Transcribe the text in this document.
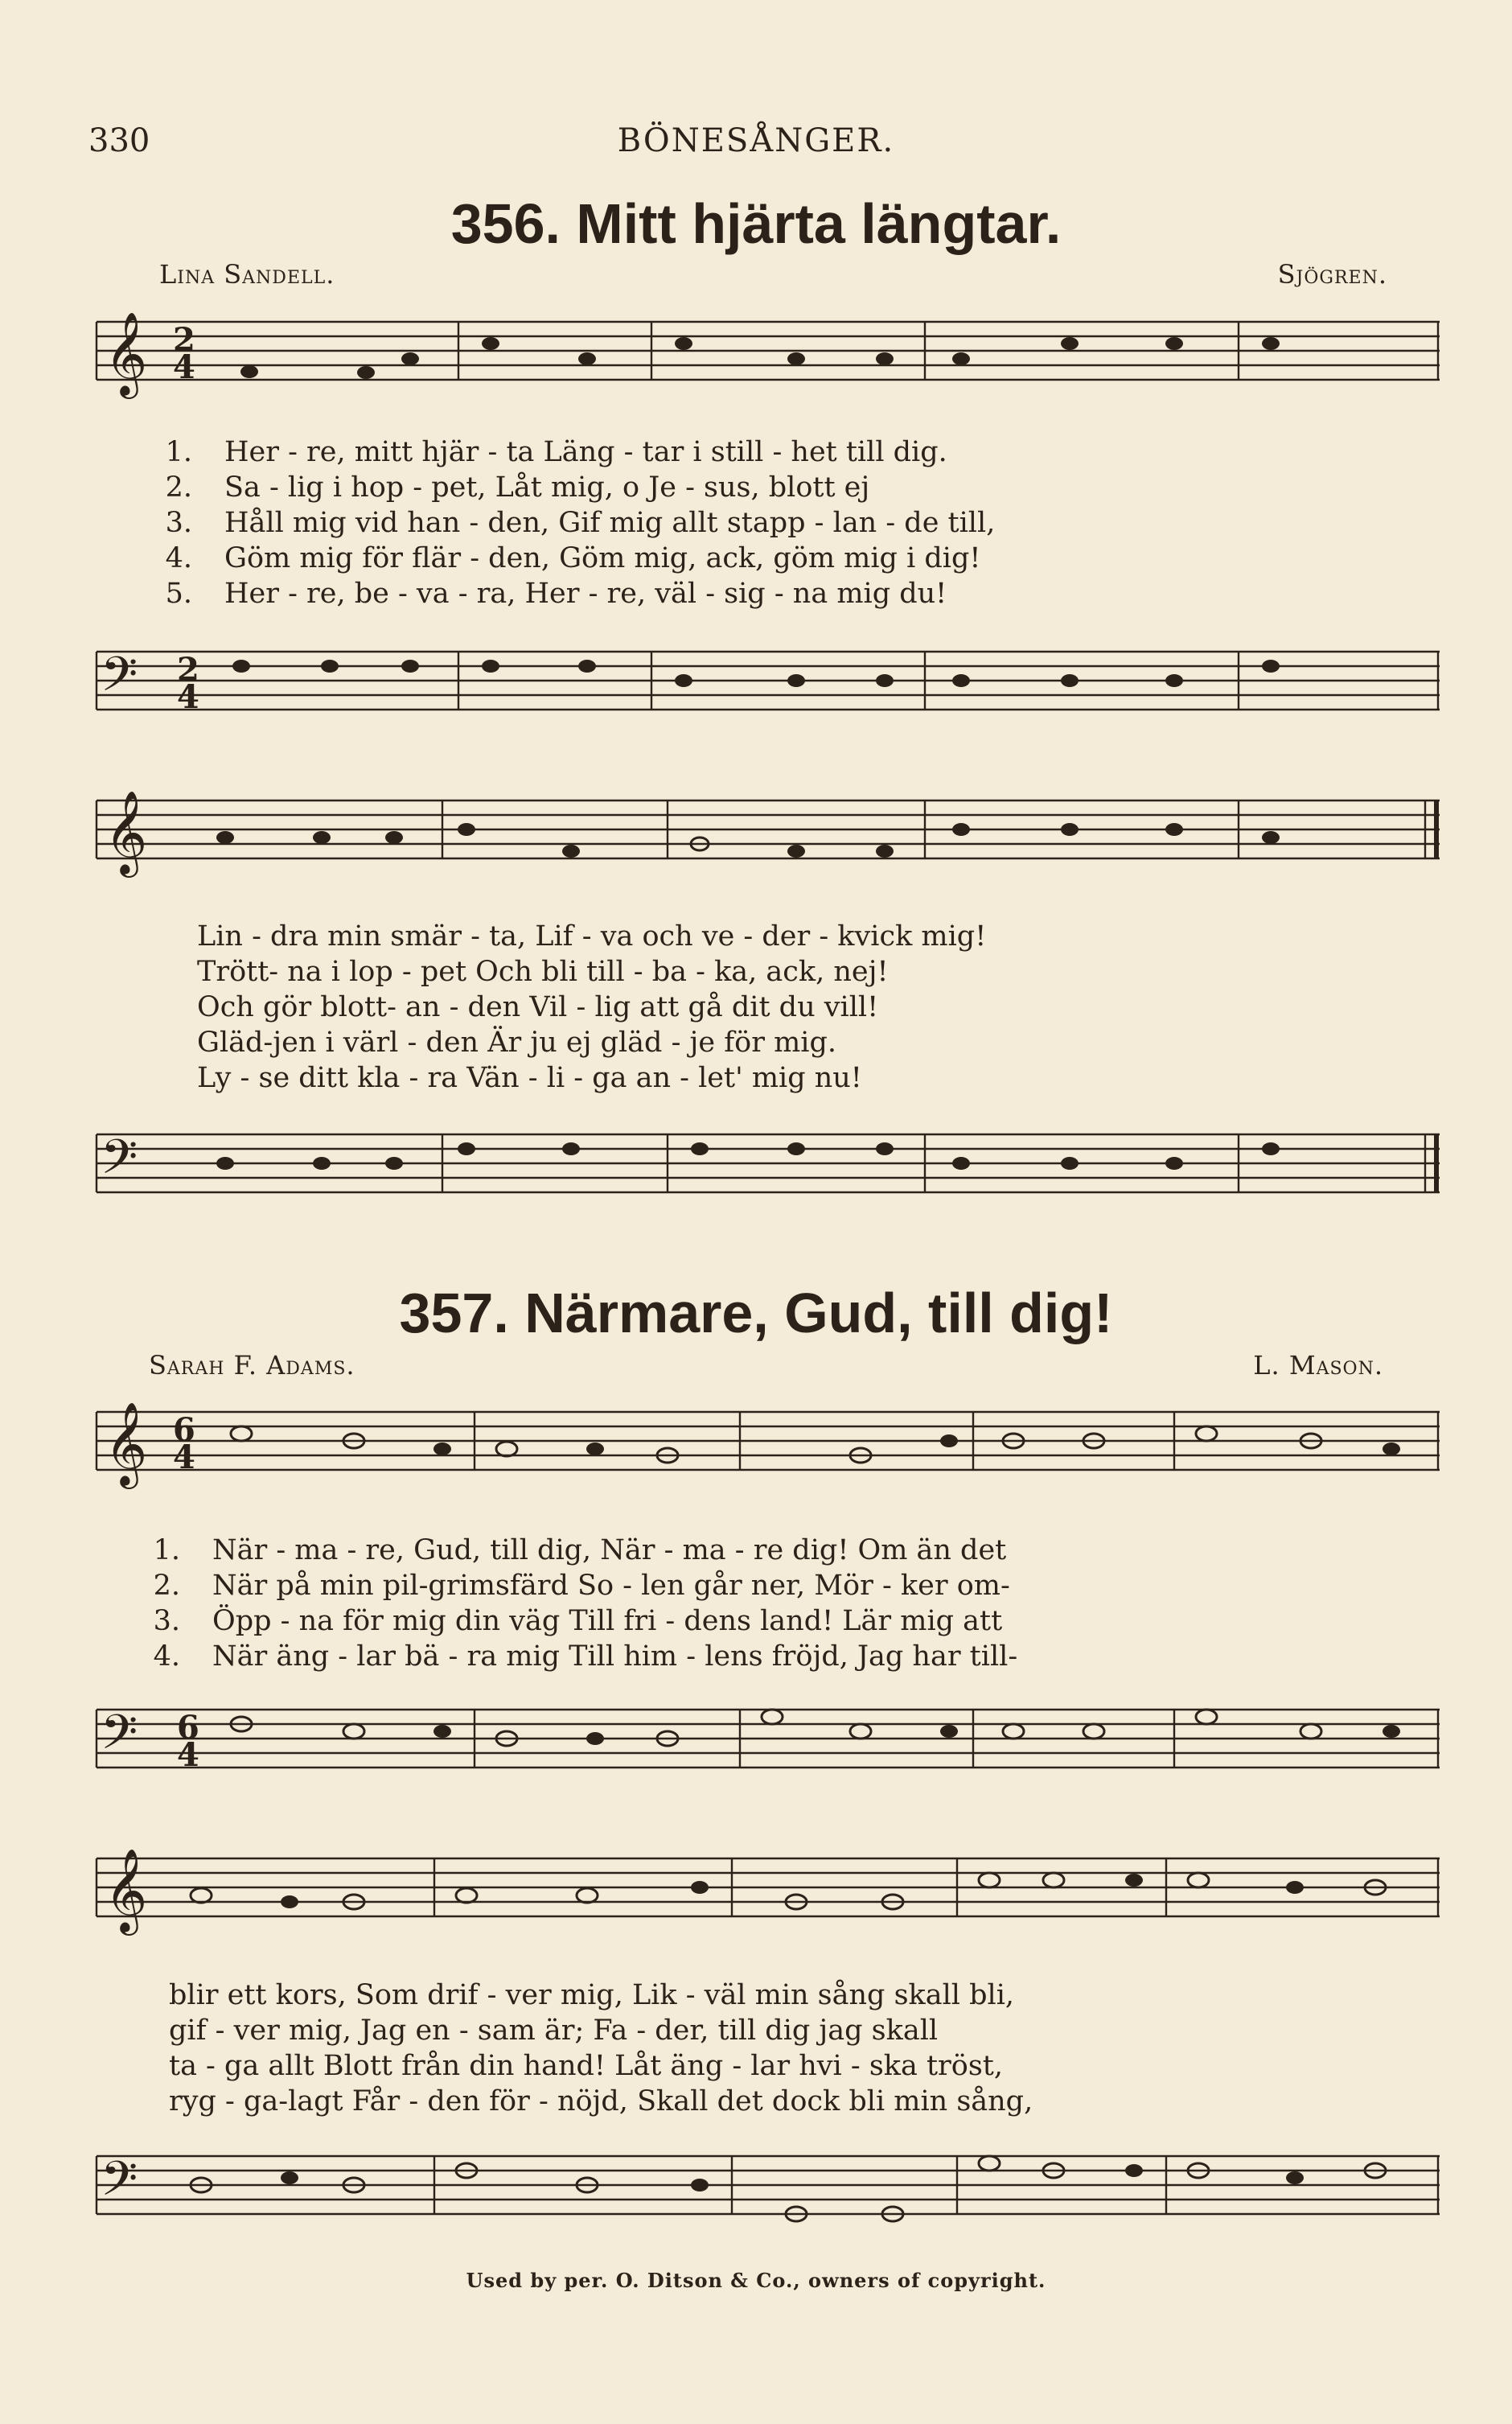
330	BÖNESÅNGER.
356. Mitt hjärta längtar.
Lina Sandell.	Sjögren.
𝄞 2
4
1. Her - re, mitt hjär - ta Läng - tar i still - het till dig.
2. Sa - lig i hop - pet, Låt mig, o Je - sus, blott ej
3. Håll mig vid han - den, Gif mig allt stapp - lan - de till,
4. Göm mig för flär - den, Göm mig, ack, göm mig i dig!
5. Her - re, be - va - ra, Her - re, väl - sig - na mig du!
𝄢 2
4
𝄞
Lin - dra min smär - ta, Lif - va och ve - der - kvick mig!
Trött- na i lop - pet Och bli till - ba - ka, ack, nej!
Och gör blott- an - den Vil - lig att gå dit du vill!
Gläd-jen i värl - den Är ju ej gläd - je för mig.
Ly - se ditt kla - ra Vän - li - ga an - let' mig nu!
𝄢
357. Närmare, Gud, till dig!
Sarah F. Adams.	L. Mason.
𝄞 6
4
1. När - ma - re, Gud, till dig, När - ma - re dig! Om än det
2. När på min pil-grimsfärd So - len går ner, Mör - ker om-
3. Öpp - na för mig din väg Till fri - dens land! Lär mig att
4. När äng - lar bä - ra mig Till him - lens fröjd, Jag har till-
𝄢 6
4
𝄞
blir ett kors, Som drif - ver mig, Lik - väl min sång skall bli,
gif - ver mig, Jag en - sam är; Fa - der, till dig jag skall
ta - ga allt Blott från din hand! Låt äng - lar hvi - ska tröst,
ryg - ga-lagt Får - den för - nöjd, Skall det dock bli min sång,
𝄢
Used by per. O. Ditson & Co., owners of copyright.
